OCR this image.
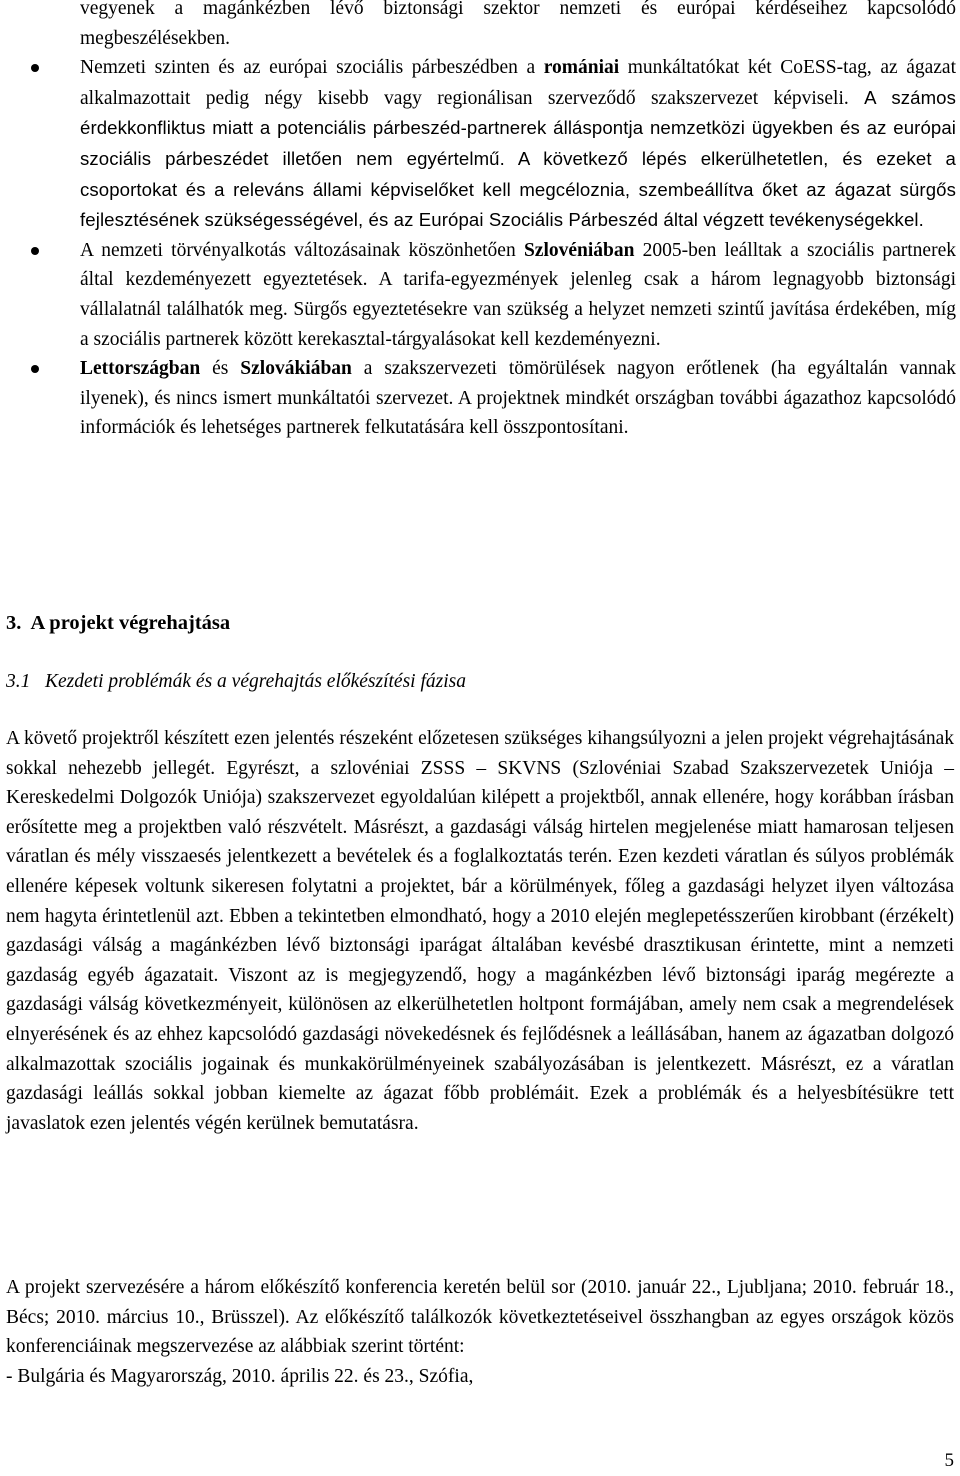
vegyenek a magánkézben lévő biztonsági szektor nemzeti és európai kérdéseihez kapcsolódó megbeszélésekben.

Nemzeti szinten és az európai szociális párbeszédben a romániai munkáltatókat két CoESS-tag, az ágazat alkalmazottait pedig négy kisebb vagy regionálisan szerveződő szakszervezet képviseli. A számos érdekkonfliktus miatt a potenciális párbeszéd-partnerek álláspontja nemzetközi ügyekben és az európai szociális párbeszédet illetően nem egyértelmű. A következő lépés elkerülhetetlen, és ezeket a csoportokat és a releváns állami képviselőket kell megcéloznia, szembeállítva őket az ágazat sürgős fejlesztésének szükségességével, és az Európai Szociális Párbeszéd által végzett tevékenységekkel.

A nemzeti törvényalkotás változásainak köszönhetően Szlovéniában 2005-ben leálltak a szociális partnerek által kezdeményezett egyeztetések. A tarifa-egyezmények jelenleg csak a három legnagyobb biztonsági vállalatnál találhatók meg. Sürgős egyeztetésekre van szükség a helyzet nemzeti szintű javítása érdekében, míg a szociális partnerek között kerekasztal-tárgyalásokat kell kezdeményezni.

Lettországban és Szlovákiában a szakszervezeti tömörülések nagyon erőtlenek (ha egyáltalán vannak ilyenek), és nincs ismert munkáltatói szervezet. A projektnek mindkét országban további ágazathoz kapcsolódó információk és lehetséges partnerek felkutatására kell összpontosítani.

3.  A projekt végrehajtása
3.1   Kezdeti problémák és a végrehajtás előkészítési fázisa

A követő projektről készített ezen jelentés részeként előzetesen szükséges kihangsúlyozni a jelen projekt végrehajtásának sokkal nehezebb jellegét. Egyrészt, a szlovéniai ZSSS – SKVNS (Szlovéniai Szabad Szakszervezetek Uniója – Kereskedelmi Dolgozók Uniója) szakszervezet egyoldalúan kilépett a projektből, annak ellenére, hogy korábban írásban erősítette meg a projektben való részvételt. Másrészt, a gazdasági válság hirtelen megjelenése miatt hamarosan teljesen váratlan és mély visszaesés jelentkezett a bevételek és a foglalkoztatás terén. Ezen kezdeti váratlan és súlyos problémák ellenére képesek voltunk sikeresen folytatni a projektet, bár a körülmények, főleg a gazdasági helyzet ilyen változása nem hagyta érintetlenül azt. Ebben a tekintetben elmondható, hogy a 2010 elején meglepetésszerűen kirobbant (érzékelt) gazdasági válság a magánkézben lévő biztonsági iparágat általában kevésbé drasztikusan érintette, mint a nemzeti gazdaság egyéb ágazatait. Viszont az is megjegyzendő, hogy a magánkézben lévő biztonsági iparág megérezte a gazdasági válság következményeit, különösen az elkerülhetetlen holtpont formájában, amely nem csak a megrendelések elnyerésének és az ehhez kapcsolódó gazdasági növekedésnek és fejlődésnek a leállásában, hanem az ágazatban dolgozó alkalmazottak szociális jogainak és munkakörülményeinek szabályozásában is jelentkezett. Másrészt, ez a váratlan gazdasági leállás sokkal jobban kiemelte az ágazat főbb problémáit. Ezek a problémák és a helyesbítésükre tett javaslatok ezen jelentés végén kerülnek bemutatásra.

A projekt szervezésére a három előkészítő konferencia keretén belül sor (2010. január 22., Ljubljana; 2010. február 18., Bécs; 2010. március 10., Brüsszel). Az előkészítő találkozók következtetéseivel összhangban az egyes országok közös konferenciáinak megszervezése az alábbiak szerint történt:

- Bulgária és Magyarország, 2010. április 22. és 23., Szófia,

5
